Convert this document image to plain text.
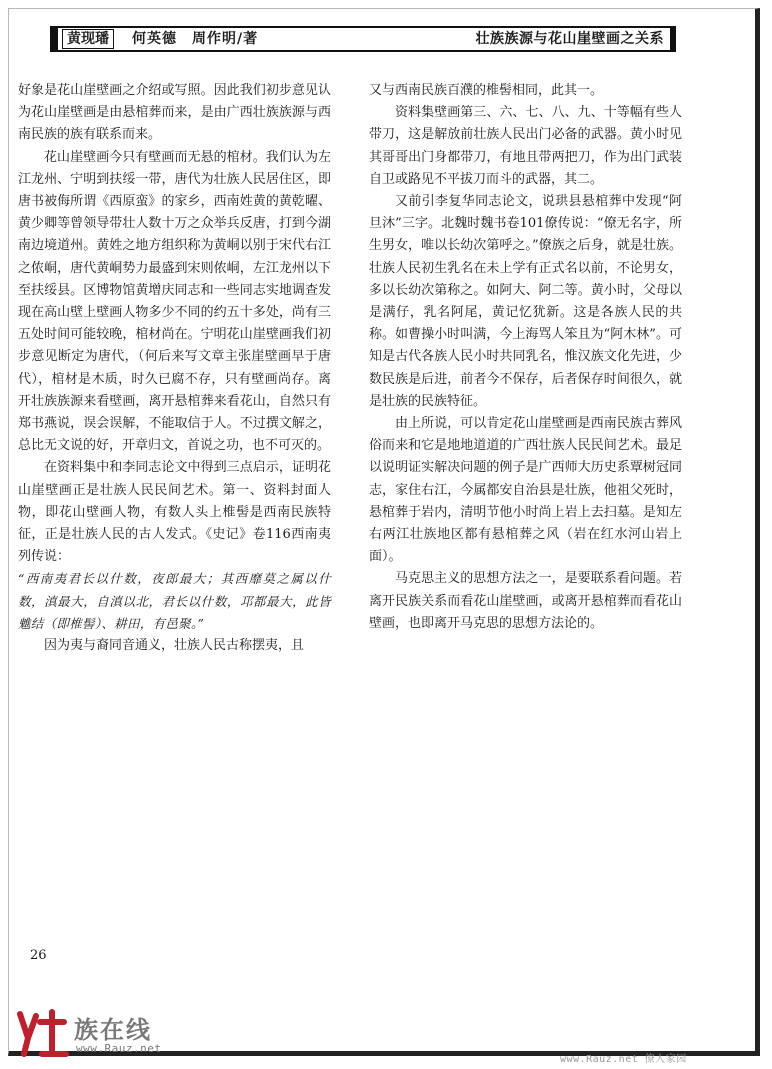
黄现璠	何英德　周作明/著	壮族族源与花山崖壁画之关系

好象是花山崖壁画之介绍或写照。因此我们初步意见认为花山崖壁画是由悬棺葬而来，是由广西壮族族源与西南民族的族有联系而来。

花山崖壁画今只有壁画而无悬的棺材。我们认为左江龙州、宁明到扶绥一带，唐代为壮族人民居住区，即唐书被侮所谓《西原蛮》的家乡，西南姓黄的黄乾曜、黄少卿等曾领导带壮人数十万之众举兵反唐，打到今湖南边境道州。黄姓之地方组织称为黄峒以别于宋代右江之侬峒，唐代黄峒势力最盛到宋则侬峒，左江龙州以下至扶绥县。区博物馆黄增庆同志和一些同志实地调查发现在高山壁上壁画人物多少不同的约五十多处，尚有三五处时间可能较晚，棺材尚在。宁明花山崖壁画我们初步意见断定为唐代，（何后来写文章主张崖壁画早于唐代），棺材是木质，时久已腐不存，只有壁画尚存。离开壮族族源来看壁画，离开悬棺葬来看花山，自然只有郑书燕说，误会误解，不能取信于人。不过撰文解之，总比无文说的好，开章归文，首说之功，也不可灭的。

在资料集中和李同志论文中得到三点启示，证明花山崖壁画正是壮族人民民间艺术。第一、资料封面人物，即花山壁画人物，有数人头上椎髻是西南民族特征，正是壮族人民的古人发式。《史记》卷116西南夷列传说：

“西南夷君长以什数，夜郎最大；其西靡莫之属以什数，滇最大，自滇以北，君长以什数，邛都最大，此皆魋结（即椎髻）、耕田，有邑聚。”

因为夷与裔同音通义，壮族人民古称摆夷，且

又与西南民族百濮的椎髻相同，此其一。

资料集壁画第三、六、七、八、九、十等幅有些人带刀，这是解放前壮族人民出门必备的武器。黄小时见其哥哥出门身都带刀，有地且带两把刀，作为出门武装自卫或路见不平拔刀而斗的武器，其二。

又前引李复华同志论文，说珙县悬棺葬中发现“阿旦沐”三字。北魏时魏书卷101僚传说：“僚无名字，所生男女，唯以长幼次第呼之。”僚族之后身，就是壮族。壮族人民初生乳名在未上学有正式名以前，不论男女，多以长幼次第称之。如阿大、阿二等。黄小时，父母以是满仔，乳名阿尾，黄记忆犹新。这是各族人民的共称。如曹操小时叫满，今上海骂人笨且为“阿木林”。可知是古代各族人民小时共同乳名，惟汉族文化先进，少数民族是后进，前者今不保存，后者保存时间很久，就是壮族的民族特征。

由上所说，可以肯定花山崖壁画是西南民族古葬风俗而来和它是地地道道的广西壮族人民民间艺术。最足以说明证实解决问题的例子是广西师大历史系覃树冠同志，家住右江，今属都安自治县是壮族，他祖父死时，悬棺葬于岩内，清明节他小时尚上岩上去扫墓。是知左右两江壮族地区都有悬棺葬之风（岩在红水河山岩上面）。

马克思主义的思想方法之一，是要联系看问题。若离开民族关系而看花山崖壁画，或离开悬棺葬而看花山壁画，也即离开马克思的思想方法论的。

26
族在线
www.Rauz.net
www.Rauz.net 僚人家园
